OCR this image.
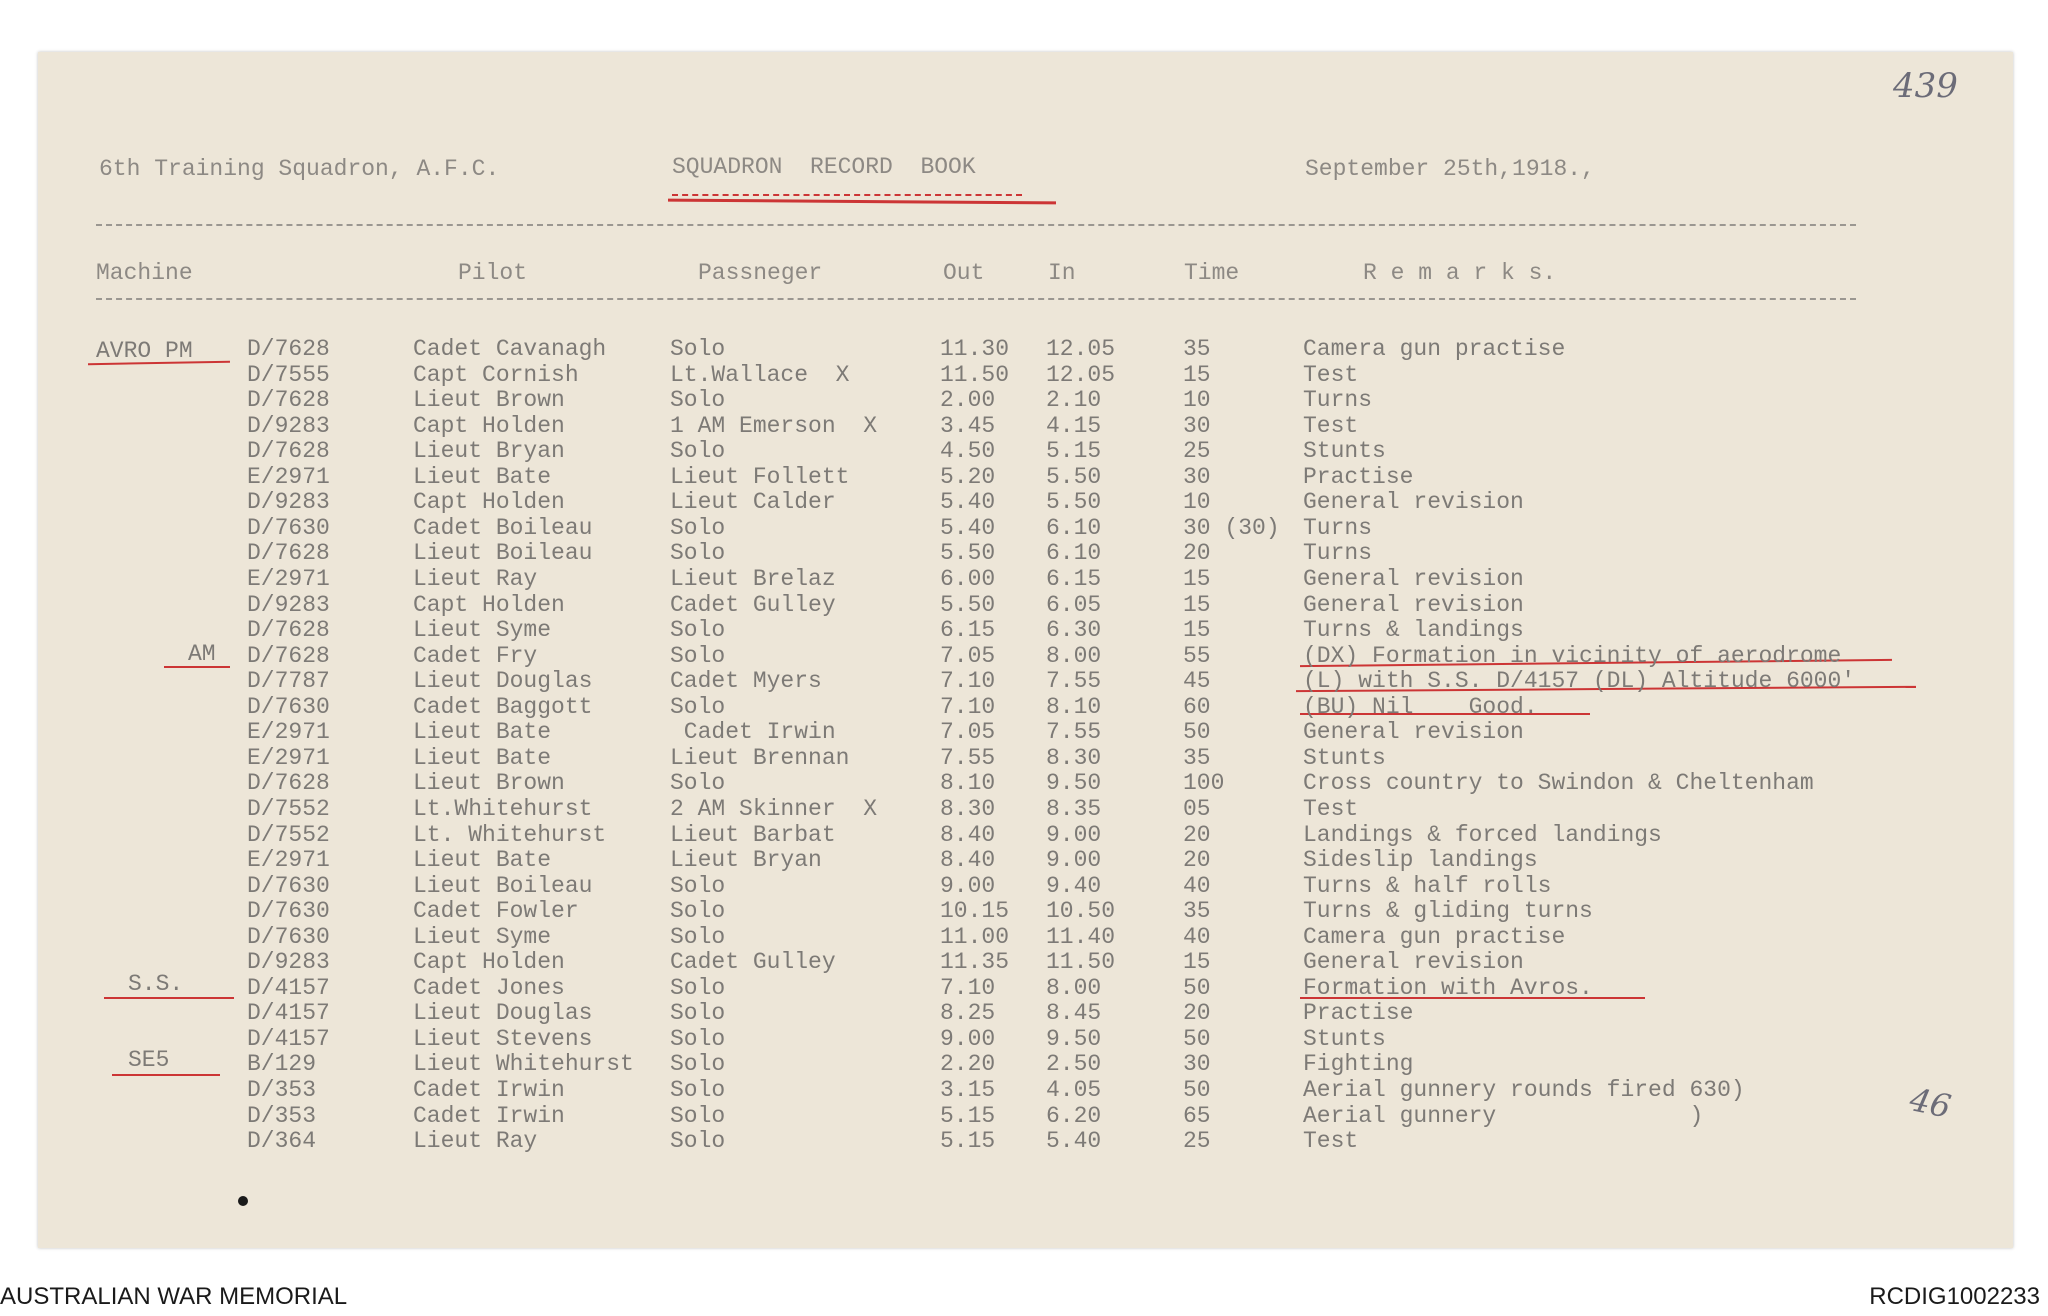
439
46
6th Training Squadron, A.F.C.	SQUADRON  RECORD  BOOK	September 25th,1918.,
Machine	Pilot	Passneger	Out	In	Time	R e m a r k s.
AVRO PM
AM
S.S.
SE5
D/7628	Cadet Cavanagh	Solo	11.30 12.05	35	Camera gun practise
D/7555	Capt Cornish	Lt.Wallace  X	11.50 12.05	15	Test
D/7628	Lieut Brown	Solo	2.00 2.10	10	Turns
D/9283	Capt Holden	1 AM Emerson  X	3.45 4.15	30	Test
D/7628	Lieut Bryan	Solo	4.50 5.15	25	Stunts
E/2971	Lieut Bate	Lieut Follett	5.20 5.50	30	Practise
D/9283	Capt Holden	Lieut Calder	5.40 5.50	10	General revision
D/7630	Cadet Boileau	Solo	5.40 6.10	30 (30) Turns
D/7628	Lieut Boileau	Solo	5.50 6.10	20	Turns
E/2971	Lieut Ray	Lieut Brelaz	6.00 6.15	15	General revision
D/9283	Capt Holden	Cadet Gulley	5.50 6.05	15	General revision
D/7628	Lieut Syme	Solo	6.15 6.30	15	Turns & landings
D/7628	Cadet Fry	Solo	7.05 8.00	55	(DX) Formation in vicinity of aerodrome
D/7787	Lieut Douglas	Cadet Myers	7.10 7.55	45	(L) with S.S. D/4157 (DL) Altitude 6000'
D/7630	Cadet Baggott	Solo	7.10 8.10	60	(BU) Nil    Good.
E/2971	Lieut Bate	Cadet Irwin	7.05 7.55	50	General revision
E/2971	Lieut Bate	Lieut Brennan	7.55 8.30	35	Stunts
D/7628	Lieut Brown	Solo	8.10 9.50	100	Cross country to Swindon & Cheltenham
D/7552	Lt.Whitehurst	2 AM Skinner  X	8.30 8.35	05	Test
D/7552	Lt. Whitehurst	Lieut Barbat	8.40 9.00	20	Landings & forced landings
E/2971	Lieut Bate	Lieut Bryan	8.40 9.00	20	Sideslip landings
D/7630	Lieut Boileau	Solo	9.00 9.40	40	Turns & half rolls
D/7630	Cadet Fowler	Solo	10.15 10.50	35	Turns & gliding turns
D/7630	Lieut Syme	Solo	11.00 11.40	40	Camera gun practise
D/9283	Capt Holden	Cadet Gulley	11.35 11.50	15	General revision
D/4157	Cadet Jones	Solo	7.10 8.00	50	Formation with Avros.
D/4157	Lieut Douglas	Solo	8.25 8.45	20	Practise
D/4157	Lieut Stevens	Solo	9.00 9.50	50	Stunts
B/129	Lieut Whitehurst Solo	2.20 2.50	30	Fighting
D/353	Cadet Irwin	Solo	3.15 4.05	50	Aerial gunnery rounds fired 630)
D/353	Cadet Irwin	Solo	5.15 6.20	65	Aerial gunnery              )
D/364	Lieut Ray	Solo	5.15 5.40	25	Test
AUSTRALIAN WAR MEMORIAL	RCDIG1002233
